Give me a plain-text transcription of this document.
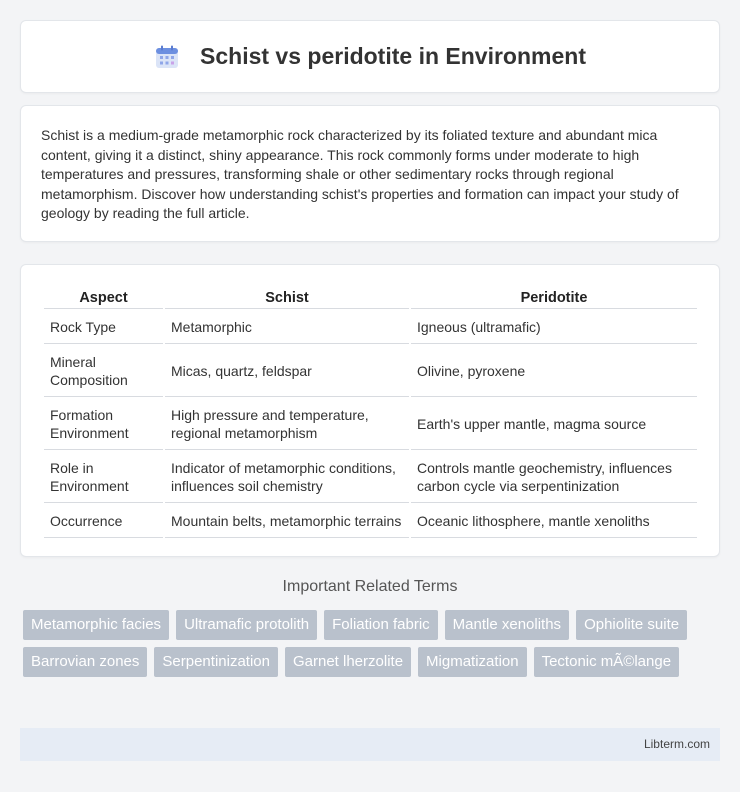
Schist vs peridotite in Environment

Schist is a medium-grade metamorphic rock characterized by its foliated texture and abundant mica content, giving it a distinct, shiny appearance. This rock commonly forms under moderate to high temperatures and pressures, transforming shale or other sedimentary rocks through regional metamorphism. Discover how understanding schist's properties and formation can impact your study of geology by reading the full article.

Aspect	Schist	Peridotite
Rock Type	Metamorphic	Igneous (ultramafic)
Mineral Composition	Micas, quartz, feldspar	Olivine, pyroxene
Formation Environment	High pressure and temperature, regional metamorphism	Earth's upper mantle, magma source
Role in Environment	Indicator of metamorphic conditions, influences soil chemistry	Controls mantle geochemistry, influences carbon cycle via serpentinization
Occurrence	Mountain belts, metamorphic terrains	Oceanic lithosphere, mantle xenoliths
Important Related Terms
Metamorphic facies	Ultramafic protolith	Foliation fabric	Mantle xenoliths	Ophiolite suite
Barrovian zones	Serpentinization	Garnet lherzolite	Migmatization	Tectonic mÃ©lange
Libterm.com
